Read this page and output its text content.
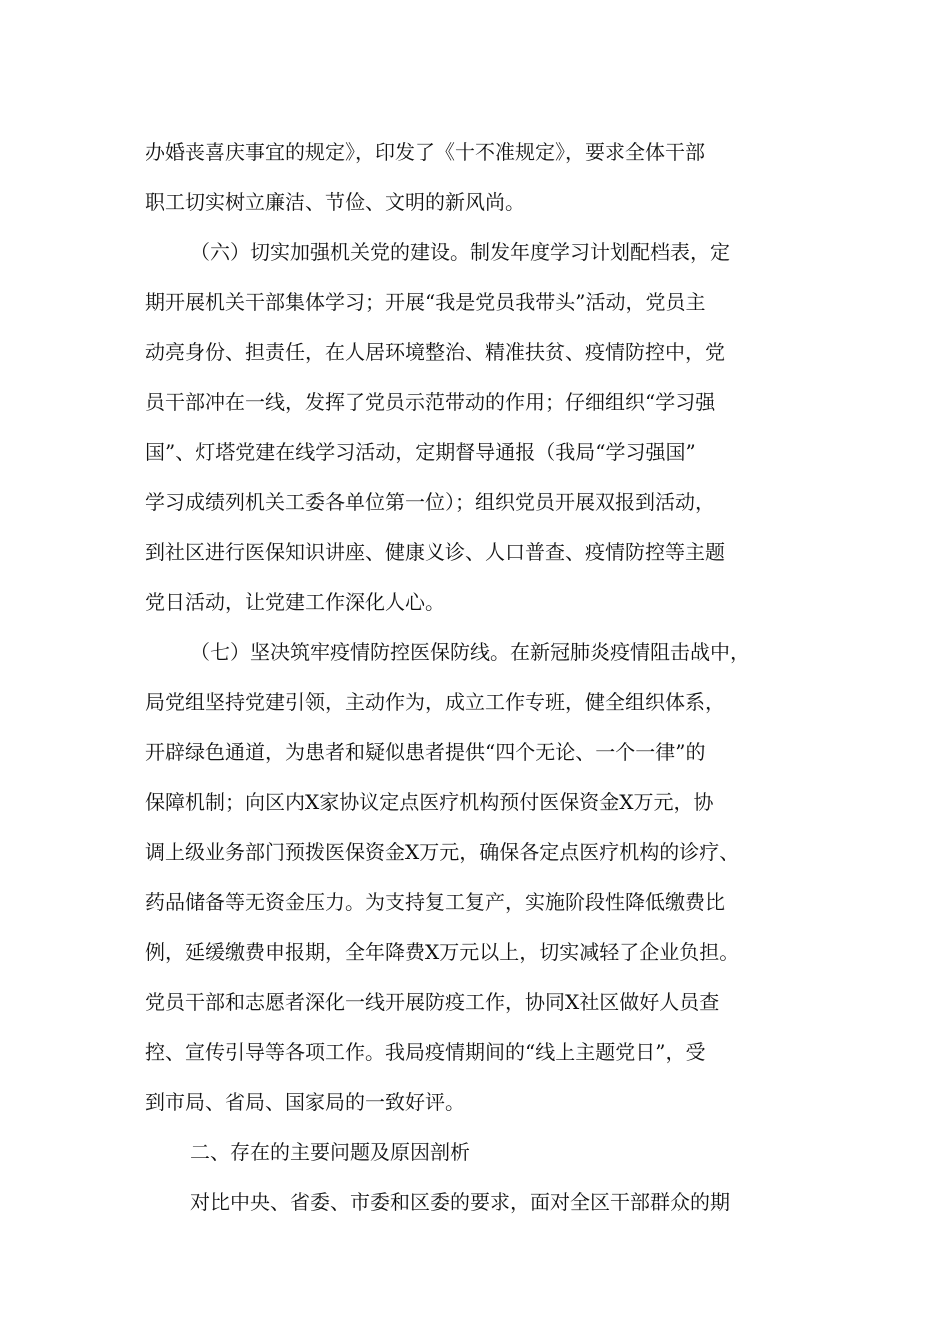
办婚丧喜庆事宜的规定》，印发了《十不准规定》，要求全体干部
职工切实树立廉洁、节俭、文明的新风尚。
（六）切实加强机关党的建设。制发年度学习计划配档表，定
期开展机关干部集体学习；开展“我是党员我带头”活动，党员主
动亮身份、担责任，在人居环境整治、精准扶贫、疫情防控中，党
员干部冲在一线，发挥了党员示范带动的作用；仔细组织“学习强
国”、灯塔党建在线学习活动，定期督导通报（我局“学习强国”
学习成绩列机关工委各单位第一位）；组织党员开展双报到活动，
到社区进行医保知识讲座、健康义诊、人口普查、疫情防控等主题
党日活动，让党建工作深化人心。
（七）坚决筑牢疫情防控医保防线。在新冠肺炎疫情阻击战中，
局党组坚持党建引领，主动作为，成立工作专班，健全组织体系，
开辟绿色通道，为患者和疑似患者提供“四个无论、一个一律”的
保障机制；向区内X家协议定点医疗机构预付医保资金X万元，协
调上级业务部门预拨医保资金X万元，确保各定点医疗机构的诊疗、
药品储备等无资金压力。为支持复工复产，实施阶段性降低缴费比
例，延缓缴费申报期，全年降费X万元以上，切实减轻了企业负担。
党员干部和志愿者深化一线开展防疫工作，协同X社区做好人员查
控、宣传引导等各项工作。我局疫情期间的“线上主题党日”，受
到市局、省局、国家局的一致好评。
二、存在的主要问题及原因剖析
对比中央、省委、市委和区委的要求，面对全区干部群众的期
